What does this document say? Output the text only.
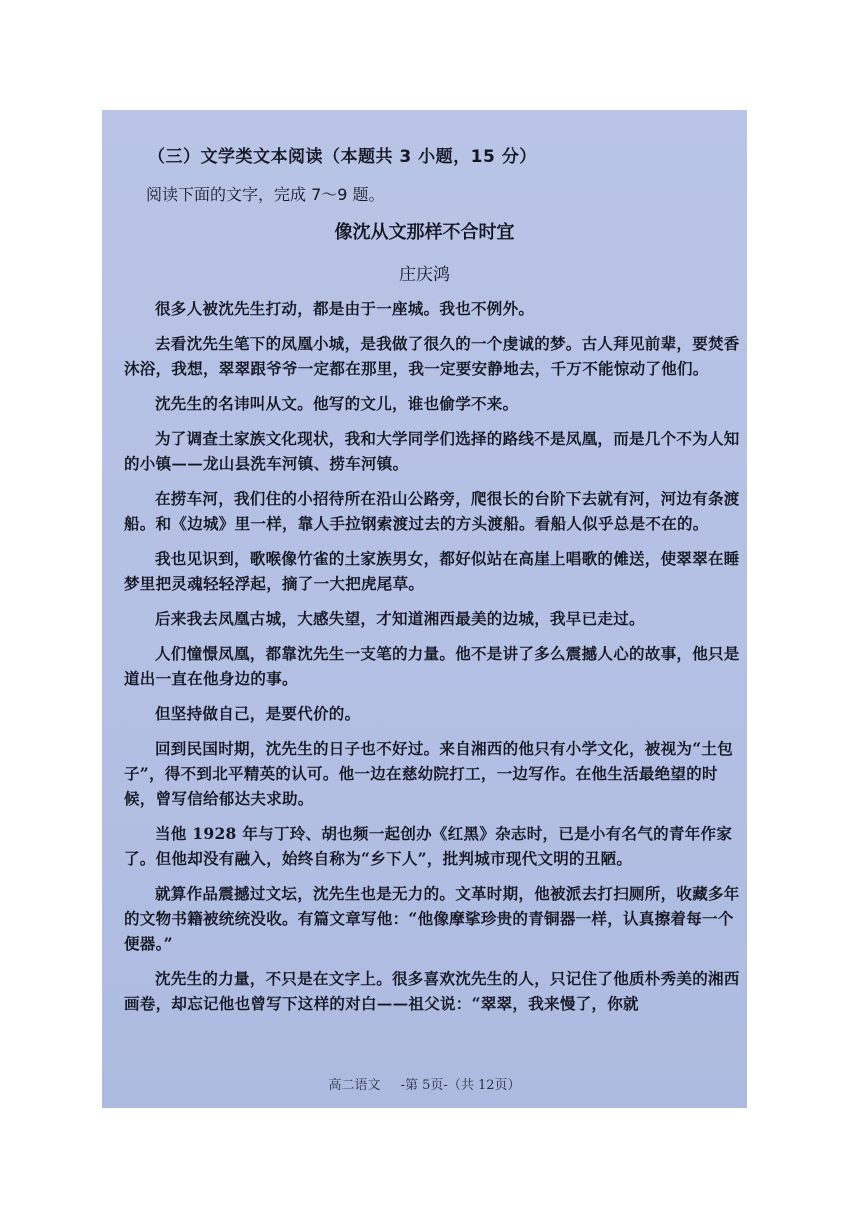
（三）文学类文本阅读（本题共 3 小题，15 分）
阅读下面的文字，完成 7～9 题。
像沈从文那样不合时宜
庄庆鸿

很多人被沈先生打动，都是由于一座城。我也不例外。

去看沈先生笔下的凤凰小城，是我做了很久的一个虔诚的梦。古人拜见前辈，要焚香沐浴，我想，翠翠跟爷爷一定都在那里，我一定要安静地去，千万不能惊动了他们。

沈先生的名讳叫从文。他写的文儿，谁也偷学不来。

为了调查土家族文化现状，我和大学同学们选择的路线不是凤凰，而是几个不为人知的小镇——龙山县洗车河镇、捞车河镇。

在捞车河，我们住的小招待所在沿山公路旁，爬很长的台阶下去就有河，河边有条渡船。和《边城》里一样，靠人手拉钢索渡过去的方头渡船。看船人似乎总是不在的。

我也见识到，歌喉像竹雀的土家族男女，都好似站在高崖上唱歌的傩送，使翠翠在睡梦里把灵魂轻轻浮起，摘了一大把虎尾草。

后来我去凤凰古城，大感失望，才知道湘西最美的边城，我早已走过。

人们憧憬凤凰，都靠沈先生一支笔的力量。他不是讲了多么震撼人心的故事，他只是道出一直在他身边的事。

但坚持做自己，是要代价的。

回到民国时期，沈先生的日子也不好过。来自湘西的他只有小学文化，被视为“土包子”，得不到北平精英的认可。他一边在慈幼院打工，一边写作。在他生活最绝望的时候，曾写信给郁达夫求助。

当他 1928 年与丁玲、胡也频一起创办《红黑》杂志时，已是小有名气的青年作家了。但他却没有融入，始终自称为“乡下人”，批判城市现代文明的丑陋。

就算作品震撼过文坛，沈先生也是无力的。文革时期，他被派去打扫厕所，收藏多年的文物书籍被统统没收。有篇文章写他：“他像摩挲珍贵的青铜器一样，认真擦着每一个便器。”

沈先生的力量，不只是在文字上。很多喜欢沈先生的人，只记住了他质朴秀美的湘西画卷，却忘记他也曾写下这样的对白——祖父说：“翠翠，我来慢了，你就

高二语文 -第 5页-（共 12页）
